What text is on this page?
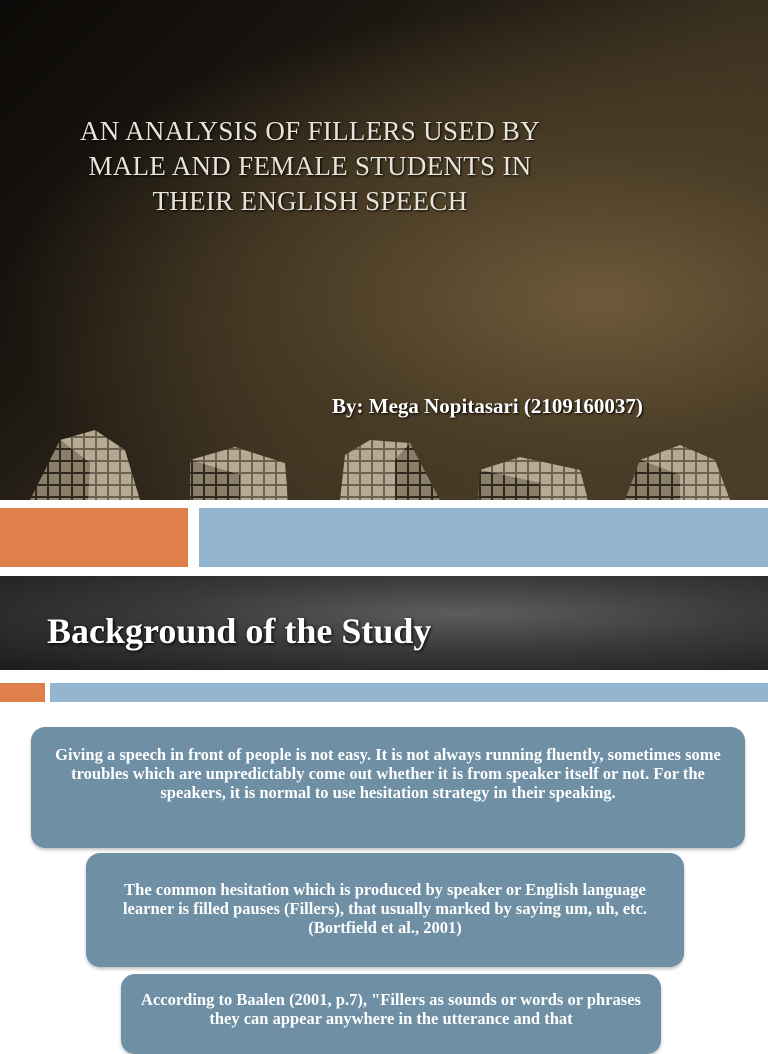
AN ANALYSIS OF FILLERS USED BY
MALE AND FEMALE STUDENTS IN
THEIR ENGLISH SPEECH
By: Mega Nopitasari (2109160037)
Background of the Study
Giving a speech in front of people is not easy. It is not always running fluently, sometimes some troubles which are unpredictably come out whether it is from speaker itself or not. For the speakers, it is normal to use hesitation strategy in their speaking.
The common hesitation which is produced by speaker or English language learner is filled pauses (Fillers), that usually marked by saying um, uh, etc. (Bortfield et al., 2001)
According to Baalen (2001, p.7), "Fillers as sounds or words or phrases they can appear anywhere in the utterance and that
